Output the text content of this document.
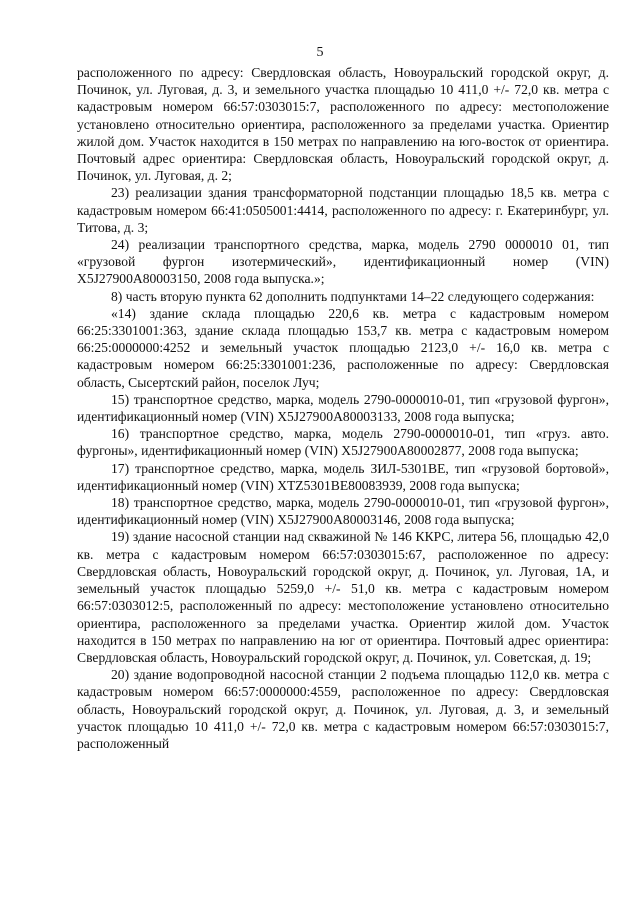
5

расположенного по адресу: Свердловская область, Новоуральский городской округ, д. Починок, ул. Луговая, д. 3, и земельного участка площадью 10 411,0 +/- 72,0 кв. метра с кадастровым номером 66:57:0303015:7, расположенного по адресу: местоположение установлено относительно ориентира, расположенного за пределами участка. Ориентир жилой дом. Участок находится в 150 метрах по направлению на юго-восток от ориентира. Почтовый адрес ориентира: Свердловская область, Новоуральский городской округ, д. Починок, ул. Луговая, д. 2;

23) реализации здания трансформаторной подстанции площадью 18,5 кв. метра с кадастровым номером 66:41:0505001:4414, расположенного по адресу: г. Екатеринбург, ул. Титова, д. 3;

24) реализации транспортного средства, марка, модель 2790 0000010 01, тип «грузовой фургон изотермический», идентификационный номер (VIN) X5J27900A80003150, 2008 года выпуска.»;

8) часть вторую пункта 62 дополнить подпунктами 14–22 следующего содержания:

«14) здание склада площадью 220,6 кв. метра с кадастровым номером 66:25:3301001:363, здание склада площадью 153,7 кв. метра с кадастровым номером 66:25:0000000:4252 и земельный участок площадью 2123,0 +/- 16,0 кв. метра с кадастровым номером 66:25:3301001:236, расположенные по адресу: Свердловская область, Сысертский район, поселок Луч;

15) транспортное средство, марка, модель 2790-0000010-01, тип «грузовой фургон», идентификационный номер (VIN) X5J27900A80003133, 2008 года выпуска;

16) транспортное средство, марка, модель 2790-0000010-01, тип «груз. авто. фургоны», идентификационный номер (VIN) X5J27900A80002877, 2008 года выпуска;

17) транспортное средство, марка, модель ЗИЛ-5301ВЕ, тип «грузовой бортовой», идентификационный номер (VIN) XTZ5301BE80083939, 2008 года выпуска;

18) транспортное средство, марка, модель 2790-0000010-01, тип «грузовой фургон», идентификационный номер (VIN) X5J27900A80003146, 2008 года выпуска;

19) здание насосной станции над скважиной № 146 ККРС, литера 56, площадью 42,0 кв. метра с кадастровым номером 66:57:0303015:67, расположенное по адресу: Свердловская область, Новоуральский городской округ, д. Починок, ул. Луговая, 1А, и земельный участок площадью 5259,0 +/- 51,0 кв. метра с кадастровым номером 66:57:0303012:5, расположенный по адресу: местоположение установлено относительно ориентира, расположенного за пределами участка. Ориентир жилой дом. Участок находится в 150 метрах по направлению на юг от ориентира. Почтовый адрес ориентира: Свердловская область, Новоуральский городской округ, д. Починок, ул. Советская, д. 19;

20) здание водопроводной насосной станции 2 подъема площадью 112,0 кв. метра с кадастровым номером 66:57:0000000:4559, расположенное по адресу: Свердловская область, Новоуральский городской округ, д. Починок, ул. Луговая, д. 3, и земельный участок площадью 10 411,0 +/- 72,0 кв. метра с кадастровым номером 66:57:0303015:7, расположенный
